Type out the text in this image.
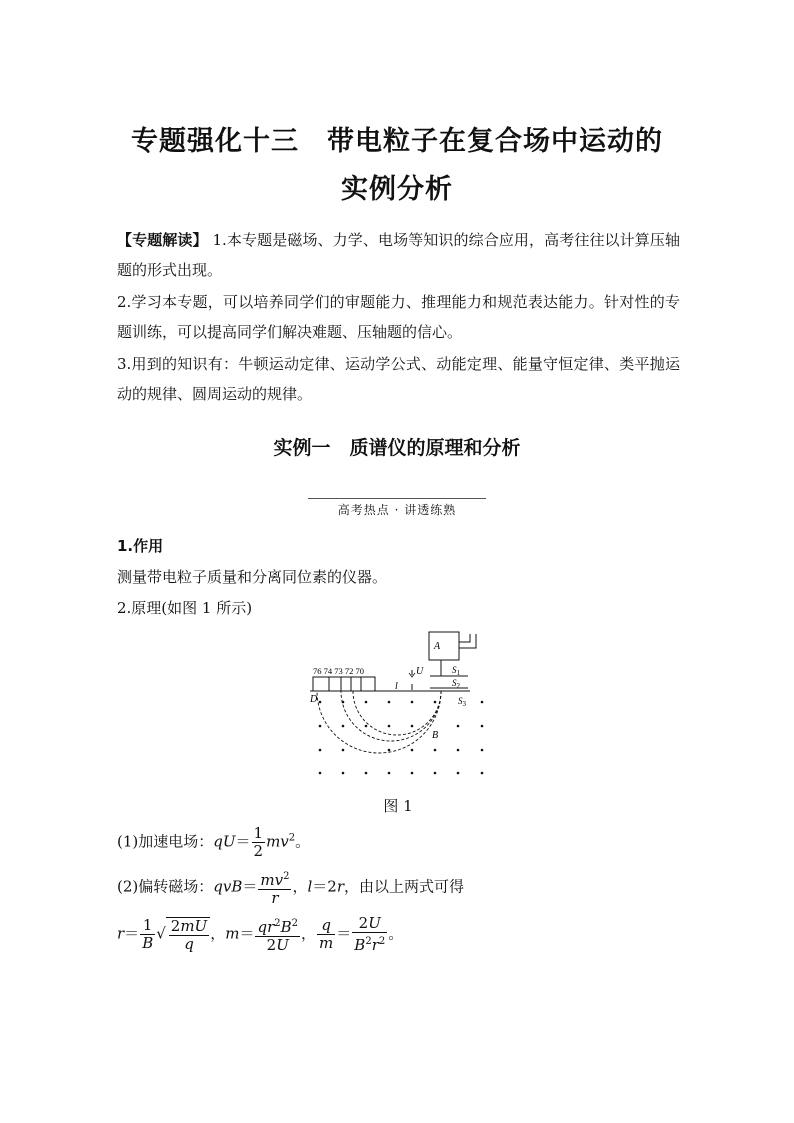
专题强化十三　带电粒子在复合场中运动的
实例分析
【专题解读】 1.本专题是磁场、力学、电场等知识的综合应用，高考往往以计算压轴题的形式出现。
2.学习本专题，可以培养同学们的审题能力、推理能力和规范表达能力。针对性的专题训练，可以提高同学们解决难题、压轴题的信心。
3.用到的知识有：牛顿运动定律、运动学公式、动能定理、能量守恒定律、类平抛运动的规律、圆周运动的规律。
实例一　质谱仪的原理和分析
高考热点 · 讲透练熟
1.作用
测量带电粒子质量和分离同位素的仪器。
2.原理(如图 1 所示)
A
U	$S_1$
$S_2$
76 74 73 72 70
l
D	$S_3$
B
图 1
(1)加速电场：$qU= \frac{1}{2} mv^2$。
(2)偏转磁场：$qvB= \frac{mv^2}{r}$ ，l＝2r，由以上两式可得
$r= \frac{1}{B}$ √ $\frac{2mU}{q}$ ，$m= \frac{qr^2B^2}{2U}$ ， $\frac{q}{m} = \frac{2U}{B^2r^2}$ 。
